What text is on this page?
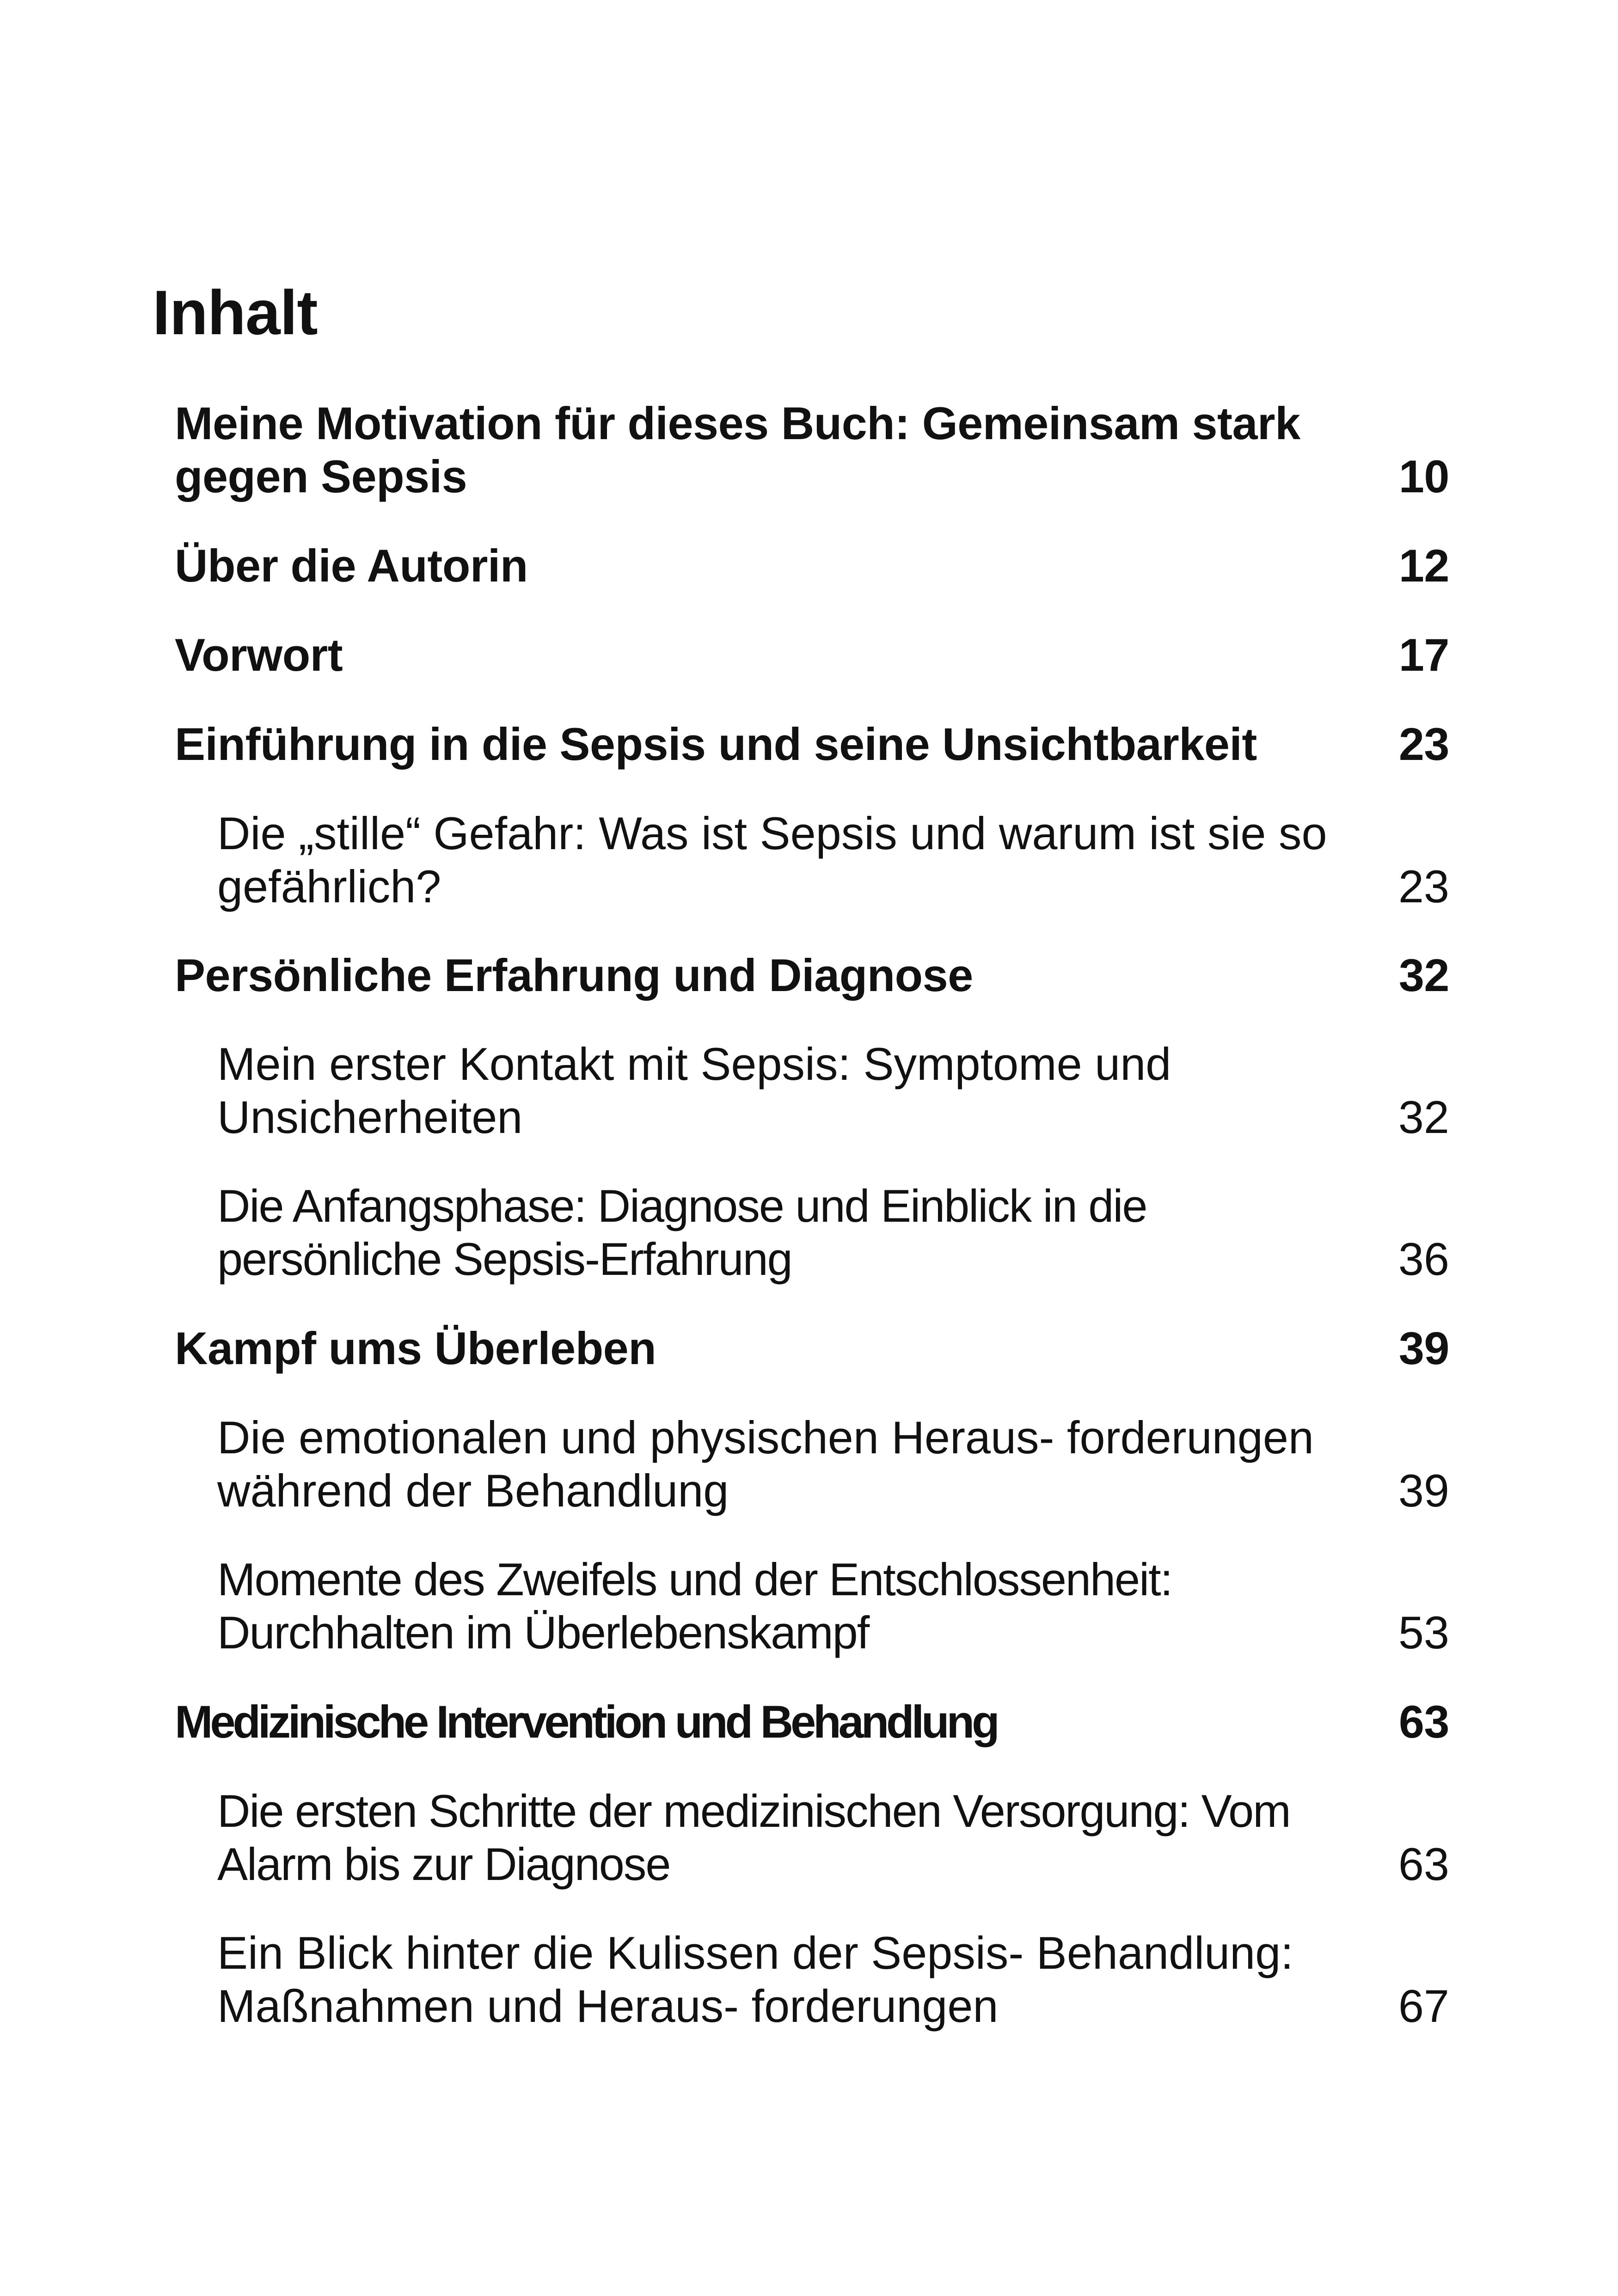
Inhalt
Meine Motivation für dieses Buch: Gemeinsam stark gegen Sepsis	10
Über die Autorin	12
Vorwort	17
Einführung in die Sepsis und seine Unsichtbarkeit	23
Die „stille“ Gefahr: Was ist Sepsis und warum ist sie so gefährlich?	23
Persönliche Erfahrung und Diagnose	32
Mein erster Kontakt mit Sepsis: Symptome und Unsicherheiten	32
Die Anfangsphase: Diagnose und Einblick in die persönliche Sepsis-Erfahrung	36
Kampf ums Überleben	39
Die emotionalen und physischen Heraus- forderungen während der Behandlung	39
Momente des Zweifels und der Entschlossenheit: Durchhalten im Überlebenskampf	53
Medizinische Intervention und Behandlung	63
Die ersten Schritte der medizinischen Versorgung: Vom Alarm bis zur Diagnose	63
Ein Blick hinter die Kulissen der Sepsis- Behandlung: Maßnahmen und Heraus- forderungen	67
